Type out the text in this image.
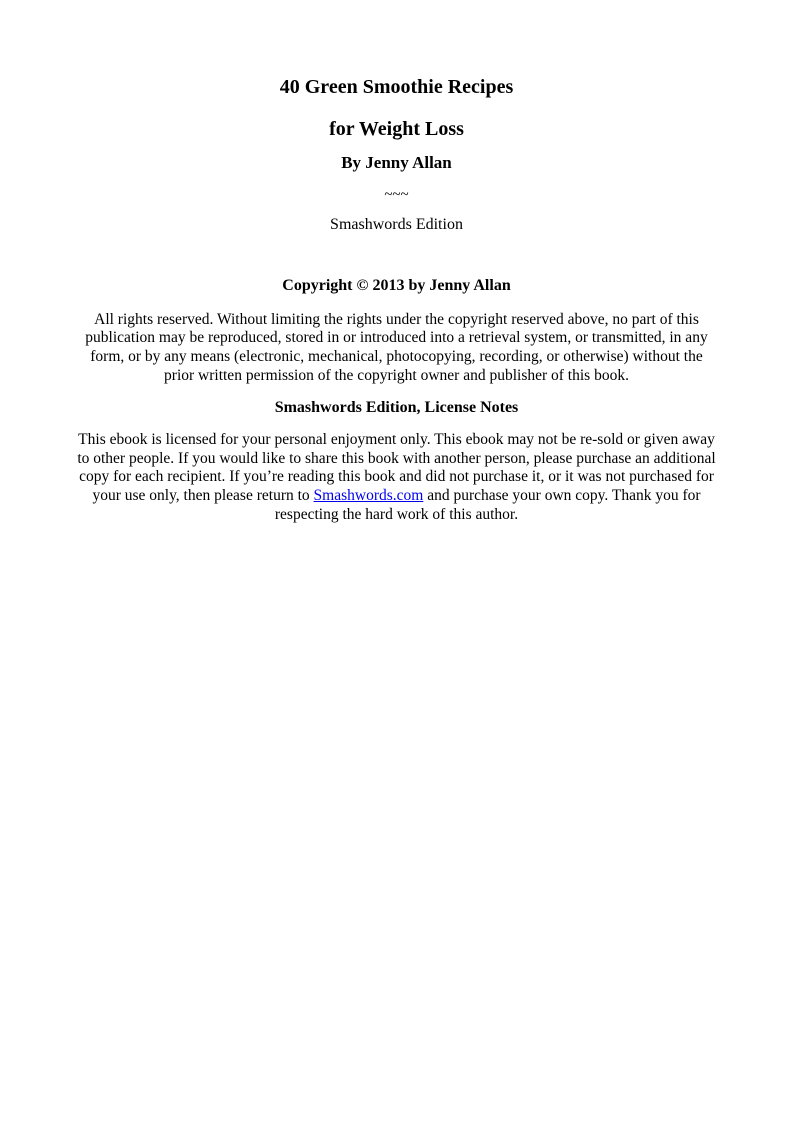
40 Green Smoothie Recipes
for Weight Loss
By Jenny Allan
~~~
Smashwords Edition
Copyright © 2013 by Jenny Allan

All rights reserved. Without limiting the rights under the copyright reserved above, no part of this publication may be reproduced, stored in or introduced into a retrieval system, or transmitted, in any form, or by any means (electronic, mechanical, photocopying, recording, or otherwise) without the prior written permission of the copyright owner and publisher of this book.

Smashwords Edition, License Notes

This ebook is licensed for your personal enjoyment only. This ebook may not be re-sold or given away to other people. If you would like to share this book with another person, please purchase an additional copy for each recipient. If you’re reading this book and did not purchase it, or it was not purchased for your use only, then please return to Smashwords.com and purchase your own copy. Thank you for respecting the hard work of this author.
